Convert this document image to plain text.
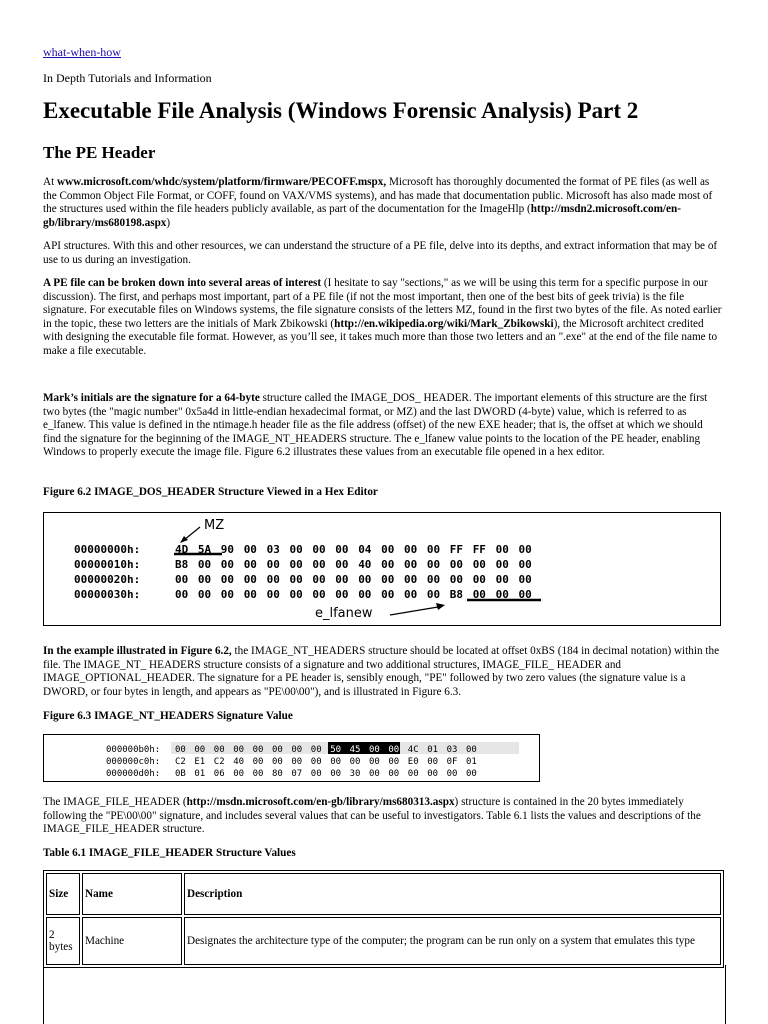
what-when-how
In Depth Tutorials and Information
Executable File Analysis (Windows Forensic Analysis) Part 2
The PE Header

At www.microsoft.com/whdc/system/platform/firmware/PECOFF.mspx, Microsoft has thoroughly documented the format of PE files (as well as the Common Object File Format, or COFF, found on VAX/VMS systems), and has made that documentation public. Microsoft has also made most of the structures used within the file headers publicly available, as part of the documentation for the ImageHlp (http://msdn2.microsoft.com/en-gb/library/ms680198.aspx)

API structures. With this and other resources, we can understand the structure of a PE file, delve into its depths, and extract information that may be of use to us during an investigation.

A PE file can be broken down into several areas of interest (I hesitate to say "sections," as we will be using this term for a specific purpose in our discussion). The first, and perhaps most important, part of a PE file (if not the most important, then one of the best bits of geek trivia) is the file signature. For executable files on Windows systems, the file signature consists of the letters MZ, found in the first two bytes of the file. As noted earlier in the topic, these two letters are the initials of Mark Zbikowski (http://en.wikipedia.org/wiki/Mark_Zbikowski), the Microsoft architect credited with designing the executable file format. However, as you’ll see, it takes much more than those two letters and an ".exe" at the end of the file name to make a file executable.

Mark’s initials are the signature for a 64-byte structure called the IMAGE_DOS_ HEADER. The important elements of this structure are the first two bytes (the "magic number" 0x5a4d in little-endian hexadecimal format, or MZ) and the last DWORD (4-byte) value, which is referred to as e_lfanew. This value is defined in the ntimage.h header file as the file address (offset) of the new EXE header; that is, the offset at which we should find the signature for the beginning of the IMAGE_NT_HEADERS structure. The e_lfanew value points to the location of the PE header, enabling Windows to properly execute the image file. Figure 6.2 illustrates these values from an executable file opened in a hex editor.

Figure 6.2 IMAGE_DOS_HEADER Structure Viewed in a Hex Editor
MZ
e_lfanew
00000000h:	4D 5A 90 00 03 00 00 00 04 00 00 00 FF FF 00 00
00000010h:	B8 00 00 00 00 00 00 00 40 00 00 00 00 00 00 00
00000020h:	00 00 00 00 00 00 00 00 00 00 00 00 00 00 00 00
00000030h:	00 00 00 00 00 00 00 00 00 00 00 00 B8 00 00 00

In the example illustrated in Figure 6.2, the IMAGE_NT_HEADERS structure should be located at offset 0xBS (184 in decimal notation) within the file. The IMAGE_NT_ HEADERS structure consists of a signature and two additional structures, IMAGE_FILE_ HEADER and IMAGE_OPTIONAL_HEADER. The signature for a PE header is, sensibly enough, "PE" followed by two zero values (the signature value is a DWORD, or four bytes in length, and appears as "PE\00\00"), and is illustrated in Figure 6.3.

Figure 6.3 IMAGE_NT_HEADERS Signature Value
000000b0h: 00 00 00 00 00 00 00 00 50 45 00 00 4C 01 03 00
000000c0h: C2 E1 C2 40 00 00 00 00 00 00 00 00 E0 00 0F 01
000000d0h: 0B 01 06 00 00 80 07 00 00 30 00 00 00 00 00 00

The IMAGE_FILE_HEADER (http://msdn.microsoft.com/en-gb/library/ms680313.aspx) structure is contained in the 20 bytes immediately following the "PE\00\00" signature, and includes several values that can be useful to investigators. Table 6.1 lists the values and descriptions of the IMAGE_FILE_HEADER structure.

Table 6.1 IMAGE_FILE_HEADER Structure Values
Size	Name	Description
2 bytes	Machine	Designates the architecture type of the computer; the program can be run only on a system that emulates this type
